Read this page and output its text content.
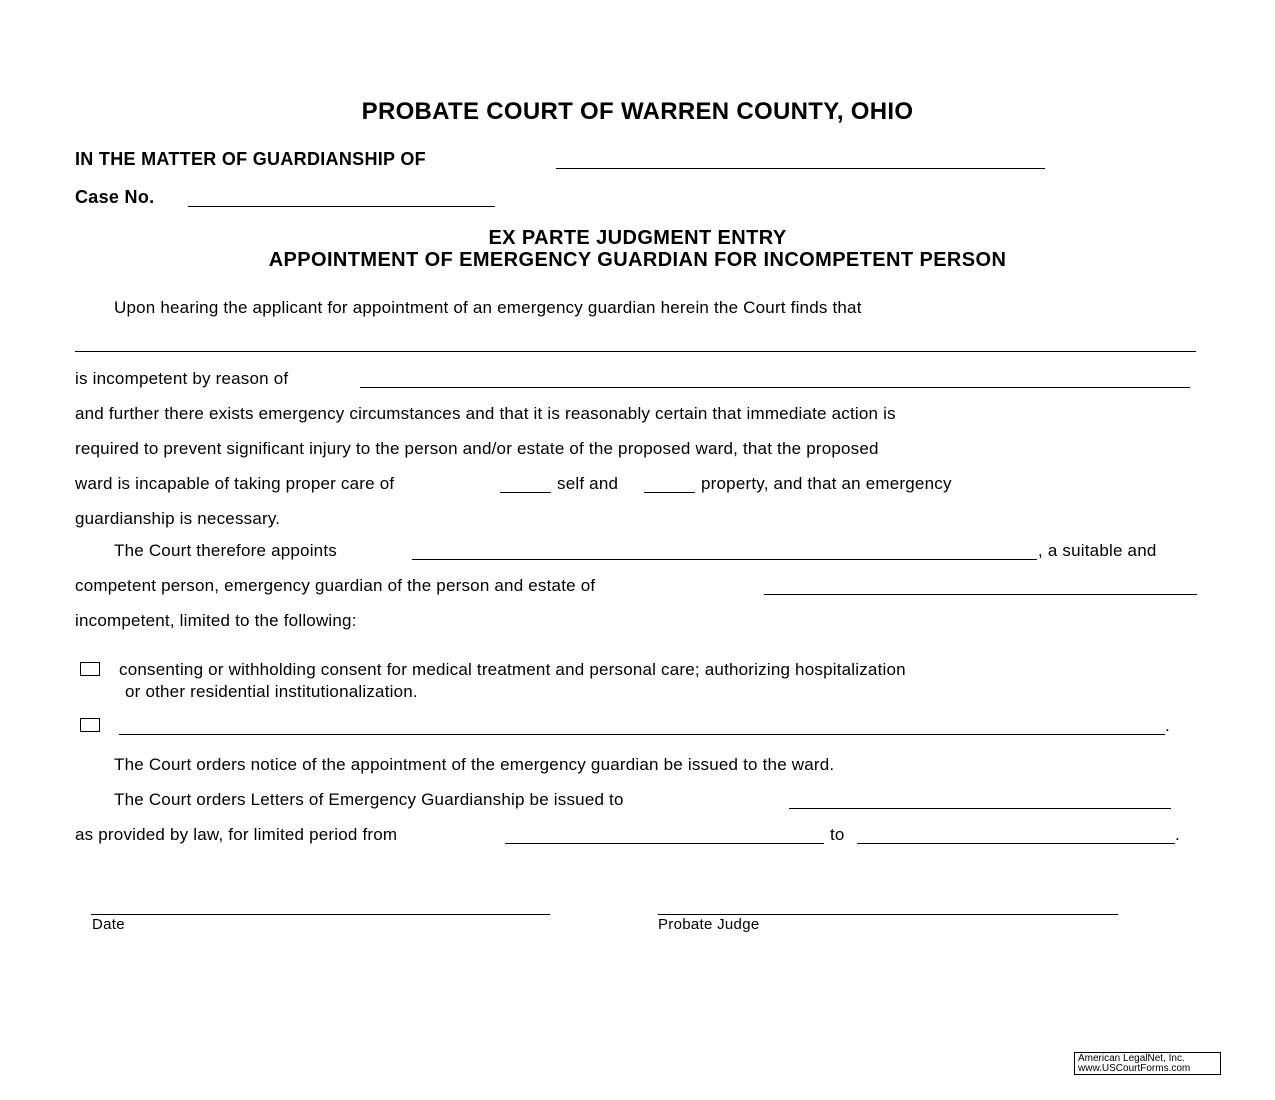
PROBATE COURT OF WARREN COUNTY, OHIO
IN THE MATTER OF GUARDIANSHIP OF
Case No.
EX PARTE JUDGMENT ENTRY
APPOINTMENT OF EMERGENCY GUARDIAN FOR INCOMPETENT PERSON
Upon hearing the applicant for appointment of an emergency guardian herein the Court finds that
is incompetent by reason of
and further there exists emergency circumstances and that it is reasonably certain that immediate action is
required to prevent significant injury to the person and/or estate of the proposed ward, that the proposed
ward is incapable of taking proper care of	self and	property, and that an emergency
guardianship is necessary.
The Court therefore appoints	, a suitable and
competent person, emergency guardian of the person and estate of
incompetent, limited to the following:
consenting or withholding consent for medical treatment and personal care; authorizing hospitalization
or other residential institutionalization.
.
The Court orders notice of the appointment of the emergency guardian be issued to the ward.
The Court orders Letters of Emergency Guardianship be issued to
as provided by law, for limited period from	to	.
Date	Probate Judge
American LegalNet, Inc.
www.USCourtForms.com
